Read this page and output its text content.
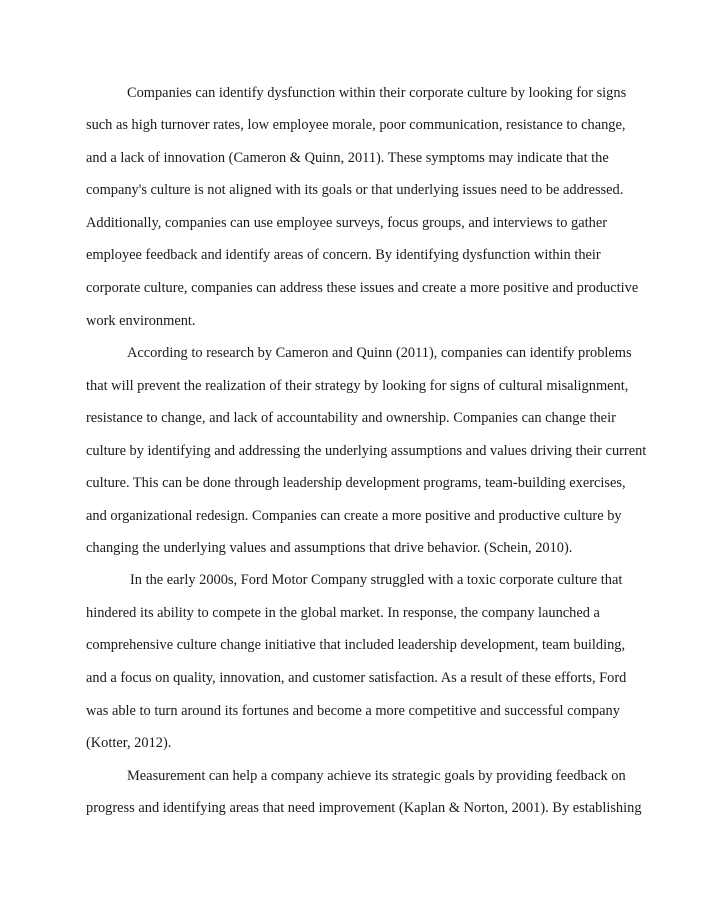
Companies can identify dysfunction within their corporate culture by looking for signs
such as high turnover rates, low employee morale, poor communication, resistance to change,
and a lack of innovation (Cameron & Quinn, 2011). These symptoms may indicate that the
company's culture is not aligned with its goals or that underlying issues need to be addressed.
Additionally, companies can use employee surveys, focus groups, and interviews to gather
employee feedback and identify areas of concern. By identifying dysfunction within their
corporate culture, companies can address these issues and create a more positive and productive
work environment.
According to research by Cameron and Quinn (2011), companies can identify problems
that will prevent the realization of their strategy by looking for signs of cultural misalignment,
resistance to change, and lack of accountability and ownership. Companies can change their
culture by identifying and addressing the underlying assumptions and values driving their current
culture. This can be done through leadership development programs, team-building exercises,
and organizational redesign. Companies can create a more positive and productive culture by
changing the underlying values and assumptions that drive behavior. (Schein, 2010).
In the early 2000s, Ford Motor Company struggled with a toxic corporate culture that
hindered its ability to compete in the global market. In response, the company launched a
comprehensive culture change initiative that included leadership development, team building,
and a focus on quality, innovation, and customer satisfaction. As a result of these efforts, Ford
was able to turn around its fortunes and become a more competitive and successful company
(Kotter, 2012).
Measurement can help a company achieve its strategic goals by providing feedback on
progress and identifying areas that need improvement (Kaplan & Norton, 2001). By establishing
